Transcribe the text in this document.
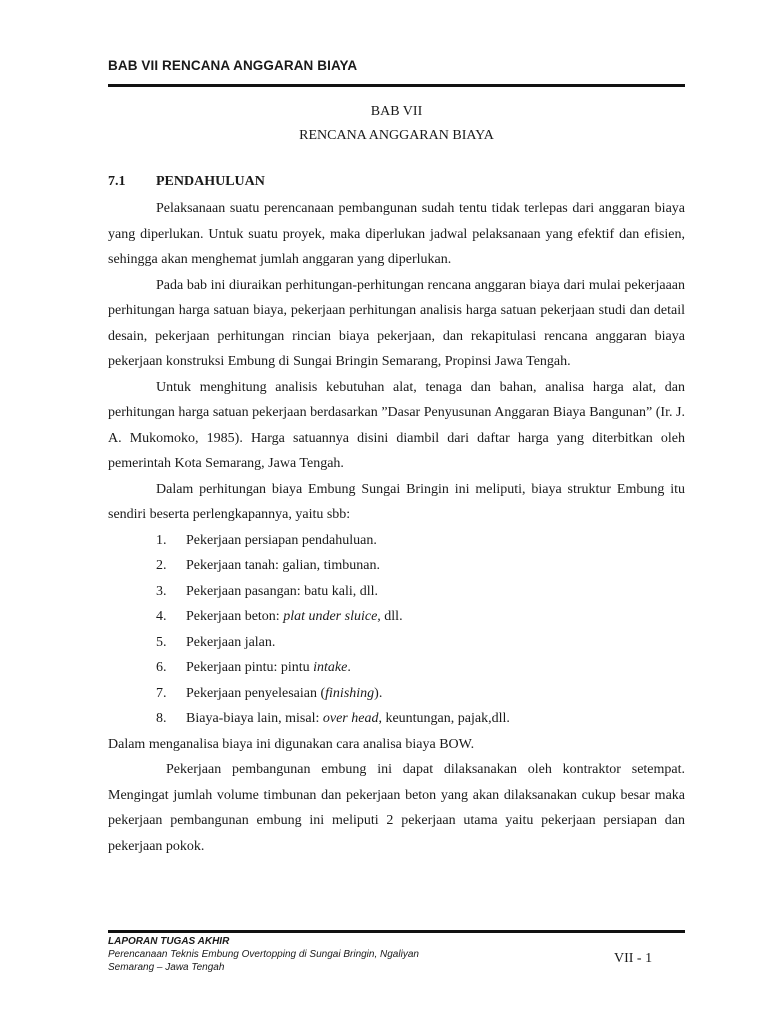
BAB VII RENCANA ANGGARAN BIAYA
BAB VII
RENCANA ANGGARAN BIAYA
7.1 PENDAHULUAN

Pelaksanaan suatu perencanaan pembangunan sudah tentu tidak terlepas dari anggaran biaya yang diperlukan. Untuk suatu proyek, maka diperlukan jadwal pelaksanaan yang efektif dan efisien, sehingga akan menghemat jumlah anggaran yang diperlukan.

Pada bab ini diuraikan perhitungan-perhitungan rencana anggaran biaya dari mulai pekerjaaan perhitungan harga satuan biaya, pekerjaan perhitungan analisis harga satuan pekerjaan studi dan detail desain, pekerjaan perhitungan rincian biaya pekerjaan, dan rekapitulasi rencana anggaran biaya pekerjaan konstruksi Embung di Sungai Bringin Semarang, Propinsi Jawa Tengah.

Untuk menghitung analisis kebutuhan alat, tenaga dan bahan, analisa harga alat, dan perhitungan harga satuan pekerjaan berdasarkan ”Dasar Penyusunan Anggaran Biaya Bangunan” (Ir. J. A. Mukomoko, 1985). Harga satuannya disini diambil dari daftar harga yang diterbitkan oleh pemerintah Kota Semarang, Jawa Tengah.

Dalam perhitungan biaya Embung Sungai Bringin ini meliputi, biaya struktur Embung itu sendiri beserta perlengkapannya, yaitu sbb:

1.	Pekerjaan persiapan pendahuluan.
2.	Pekerjaan tanah: galian, timbunan.
3.	Pekerjaan pasangan: batu kali, dll.
4.	Pekerjaan beton: plat under sluice, dll.
5.	Pekerjaan jalan.
6.	Pekerjaan pintu: pintu intake.
7.	Pekerjaan penyelesaian (finishing).
8.	Biaya-biaya lain, misal: over head, keuntungan, pajak,dll.

Dalam menganalisa biaya ini digunakan cara analisa biaya BOW.

Pekerjaan pembangunan embung ini dapat dilaksanakan oleh kontraktor setempat. Mengingat jumlah volume timbunan dan pekerjaan beton yang akan dilaksanakan cukup besar maka pekerjaan pembangunan embung ini meliputi 2 pekerjaan utama yaitu pekerjaan persiapan dan pekerjaan pokok.

LAPORAN TUGAS AKHIR
Perencanaan Teknis Embung Overtopping di Sungai Bringin, Ngaliyan
Semarang – Jawa Tengah
VII - 1
